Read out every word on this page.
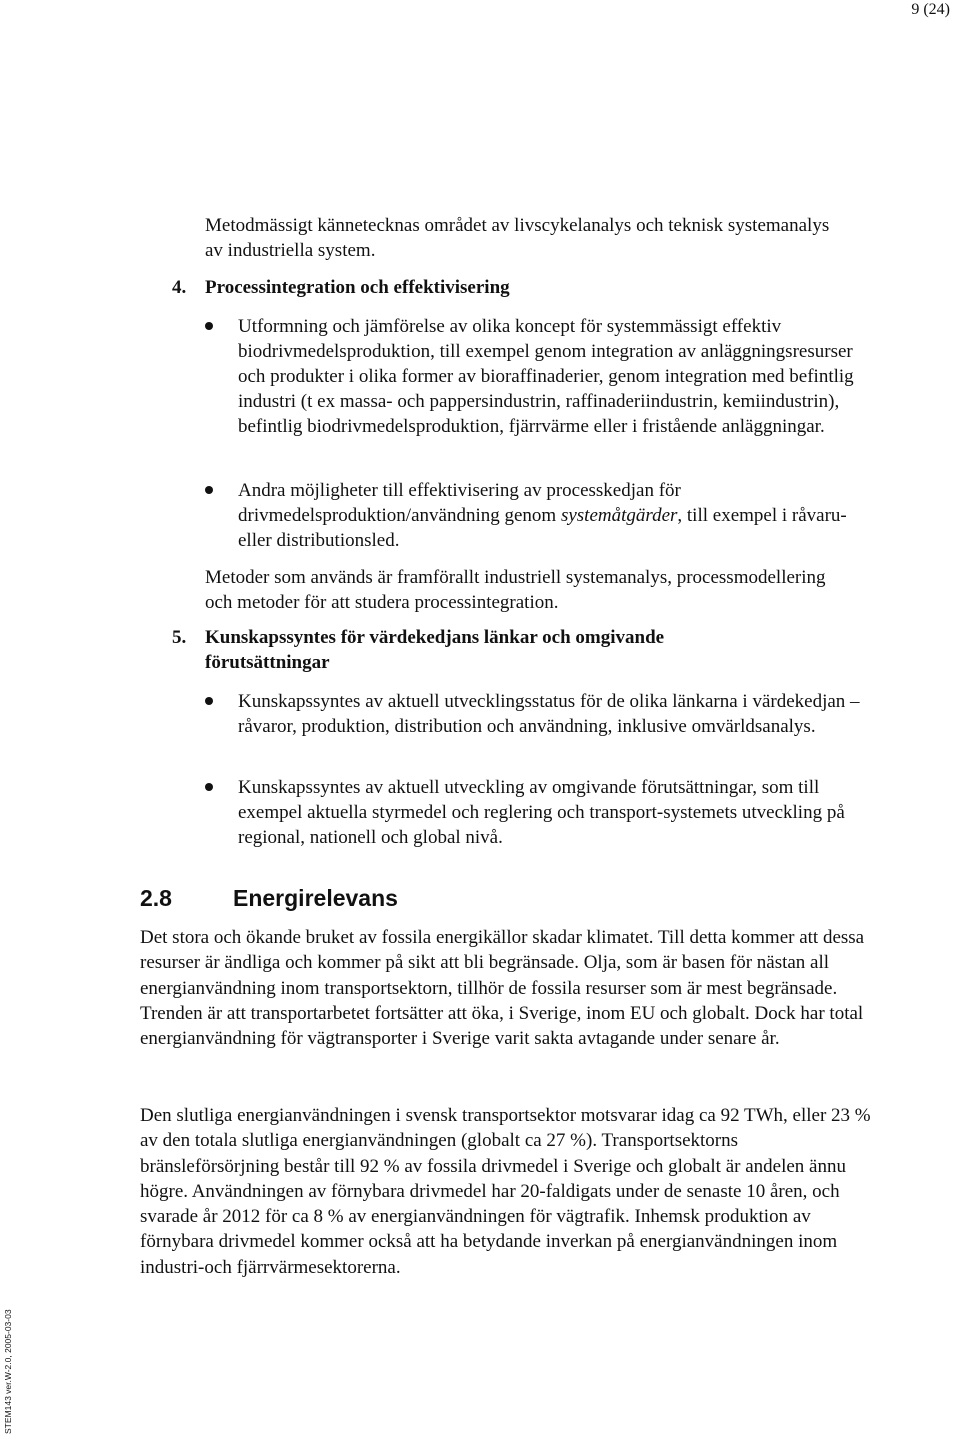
9 (24)

Metodmässigt kännetecknas området av livscykelanalys och teknisk systemanalys av industriella system.

4. Processintegration och effektivisering

Utformning och jämförelse av olika koncept för systemmässigt effektiv biodrivmedelsproduktion, till exempel genom integration av anläggningsresurser och produkter i olika former av bioraffinaderier, genom integration med befintlig industri (t ex massa- och pappersindustrin, raffinaderiindustrin, kemiindustrin), befintlig biodrivmedelsproduktion, fjärrvärme eller i fristående anläggningar.

Andra möjligheter till effektivisering av processkedjan för drivmedelsproduktion/användning genom systemåtgärder, till exempel i råvaru- eller distributionsled.

Metoder som används är framförallt industriell systemanalys, processmodellering och metoder för att studera processintegration.

5. Kunskapssyntes för värdekedjans länkar och omgivande
förutsättningar

Kunskapssyntes av aktuell utvecklingsstatus för de olika länkarna i värdekedjan – råvaror, produktion, distribution och användning, inklusive omvärldsanalys.

Kunskapssyntes av aktuell utveckling av omgivande förutsättningar, som till exempel aktuella styrmedel och reglering och transport-systemets utveckling på regional, nationell och global nivå.

2.8	Energirelevans

Det stora och ökande bruket av fossila energikällor skadar klimatet. Till detta kommer att dessa resurser är ändliga och kommer på sikt att bli begränsade. Olja, som är basen för nästan all energianvändning inom transportsektorn, tillhör de fossila resurser som är mest begränsade. Trenden är att transportarbetet fortsätter att öka, i Sverige, inom EU och globalt. Dock har total energianvändning för vägtransporter i Sverige varit sakta avtagande under senare år.

Den slutliga energianvändningen i svensk transportsektor motsvarar idag ca 92 TWh, eller 23 % av den totala slutliga energianvändningen (globalt ca 27 %). Transportsektorns bränsleförsörjning består till 92 % av fossila drivmedel i Sverige och globalt är andelen ännu högre. Användningen av förnybara drivmedel har 20-faldigats under de senaste 10 åren, och svarade år 2012 för ca 8 % av energianvändningen för vägtrafik. Inhemsk produktion av förnybara drivmedel kommer också att ha betydande inverkan på energianvändningen inom industri-och fjärrvärmesektorerna.

STEM143 ver.W-2.0, 2005-03-03
